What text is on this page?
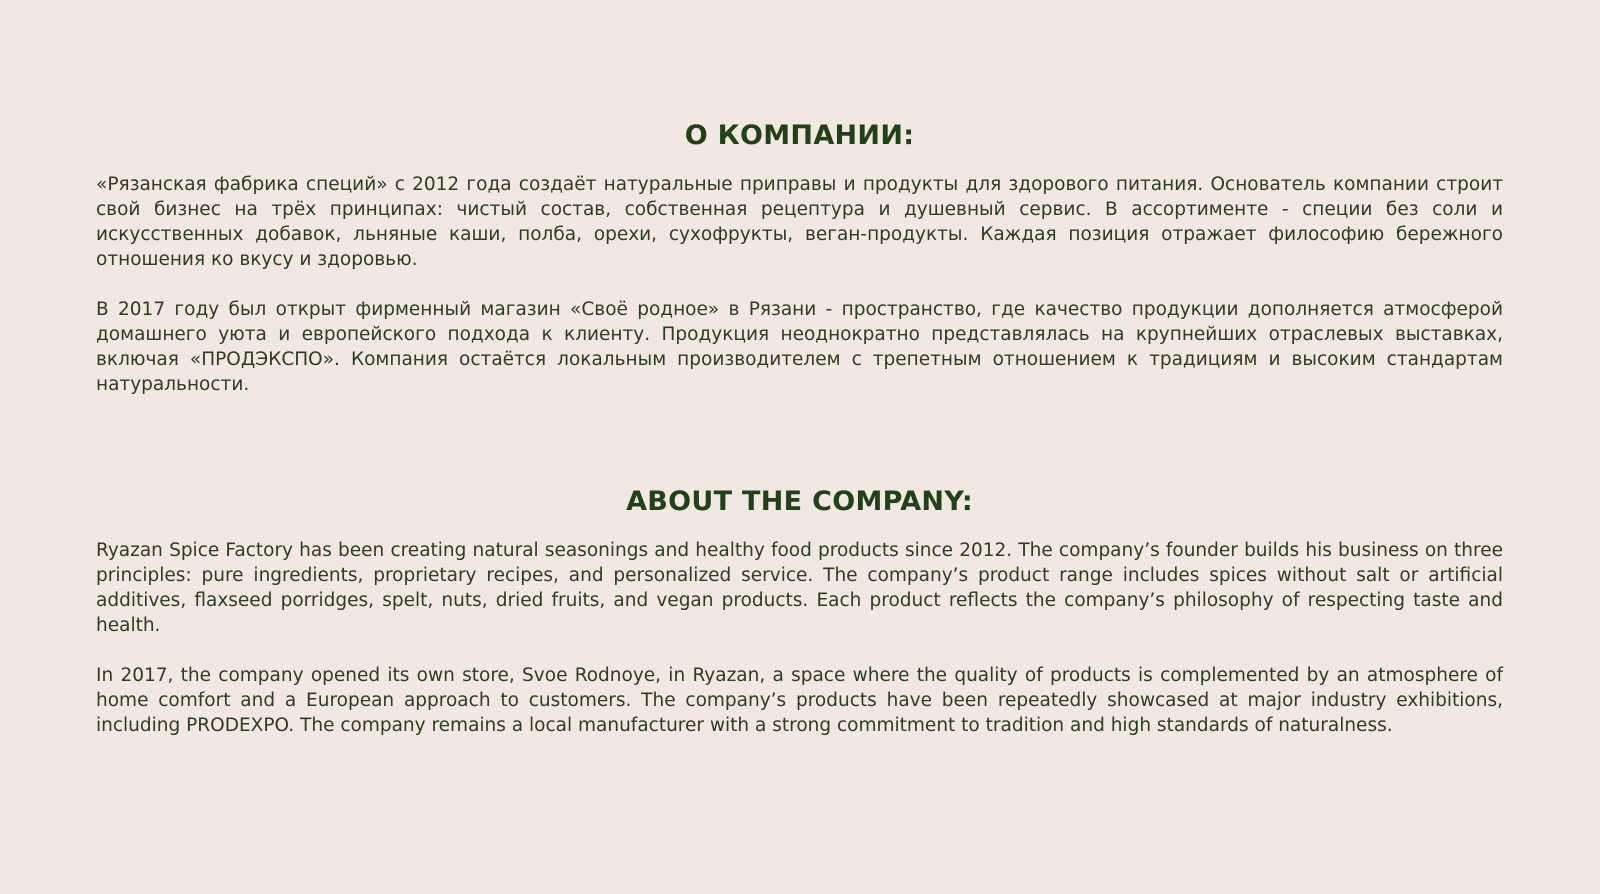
О КОМПАНИИ:

«Рязанская фабрика специй» с 2012 года создаёт натуральные приправы и продукты для здорового питания. Основатель компании строит свой бизнес на трёх принципах: чистый состав, собственная рецептура и душевный сервис. В ассортименте - специи без соли и искусственных добавок, льняные каши, полба, орехи, сухофрукты, веган-продукты. Каждая позиция отражает философию бережного отношения ко вкусу и здоровью.

В 2017 году был открыт фирменный магазин «Своё родное» в Рязани - пространство, где качество продукции дополняется атмосферой домашнего уюта и европейского подхода к клиенту. Продукция неоднократно представлялась на крупнейших отраслевых выставках, включая «ПРОДЭКСПО». Компания остаётся локальным производителем с трепетным отношением к традициям и высоким стандартам натуральности.

ABOUT THE COMPANY:

Ryazan Spice Factory has been creating natural seasonings and healthy food products since 2012. The company’s founder builds his business on three principles: pure ingredients, proprietary recipes, and personalized service. The company’s product range includes spices without salt or artificial additives, flaxseed porridges, spelt, nuts, dried fruits, and vegan products. Each product reflects the company’s philosophy of respecting taste and health.

In 2017, the company opened its own store, Svoe Rodnoye, in Ryazan, a space where the quality of products is complemented by an atmosphere of home comfort and a European approach to customers. The company’s products have been repeatedly showcased at major industry exhibitions, including PRODEXPO. The company remains a local manufacturer with a strong commitment to tradition and high standards of naturalness.
